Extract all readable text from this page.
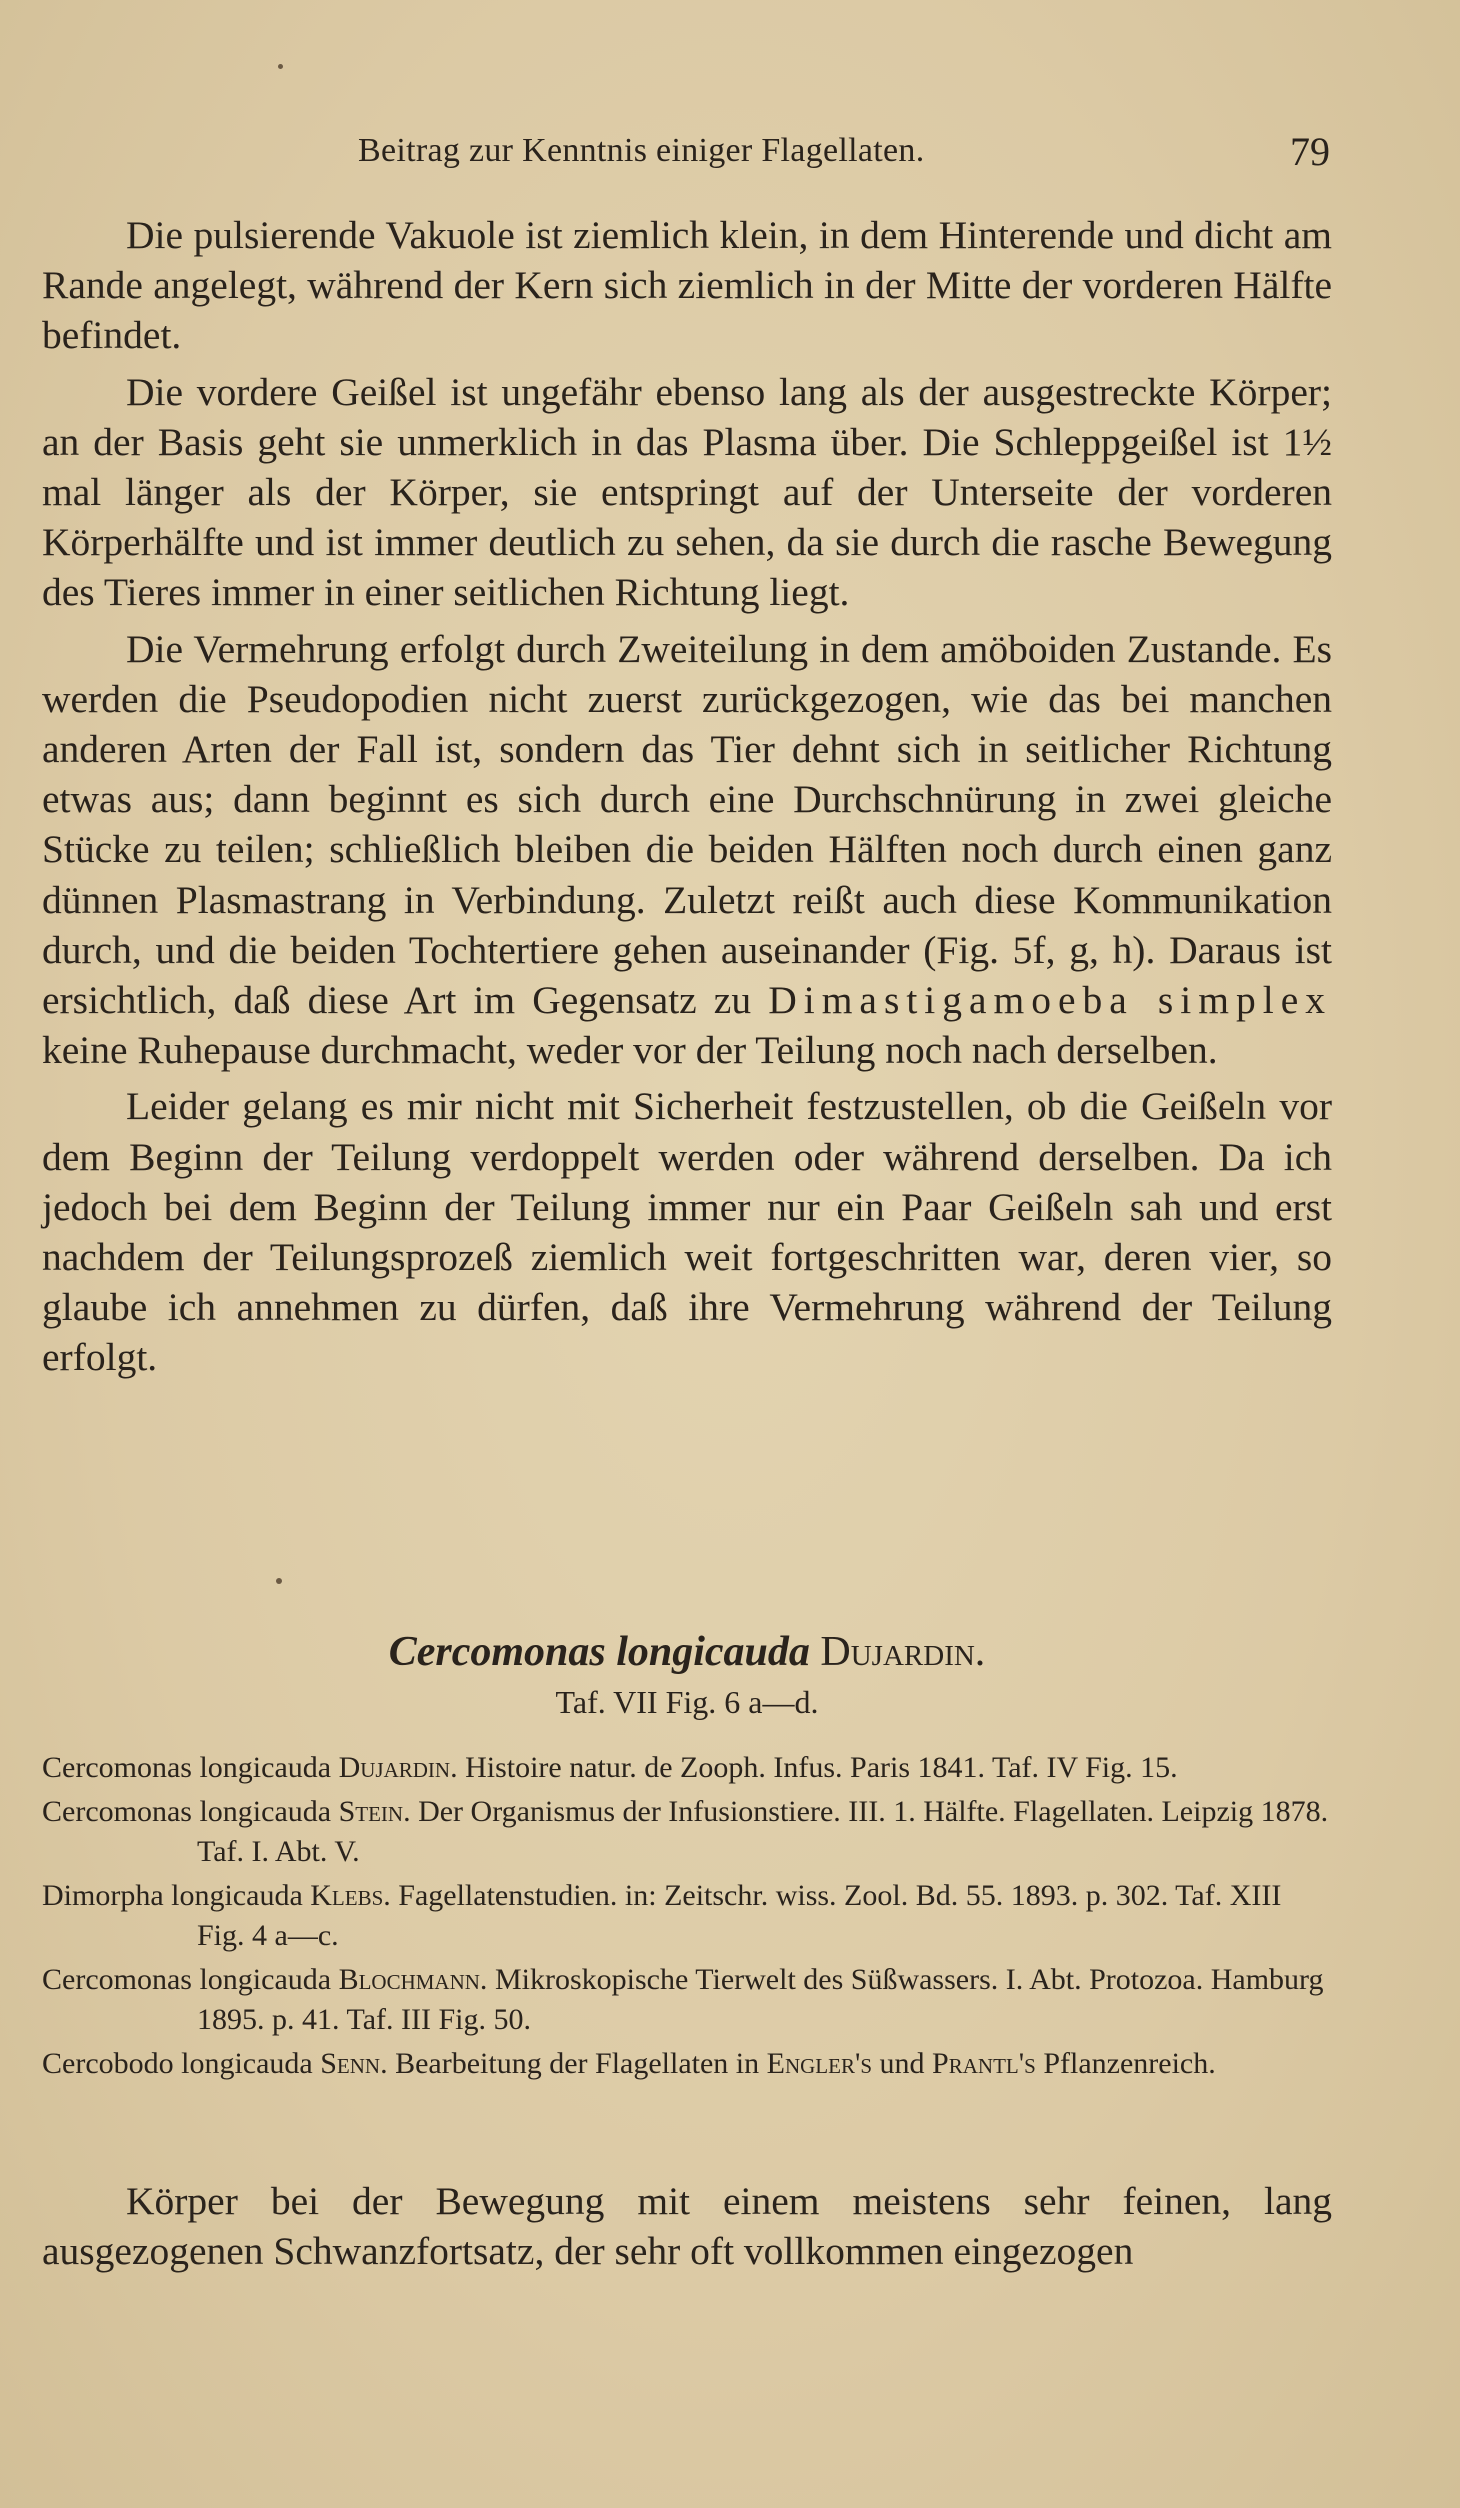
Beitrag zur Kenntnis einiger Flagellaten.	79

Die pulsierende Vakuole ist ziemlich klein, in dem Hinterende und dicht am Rande angelegt, während der Kern sich ziemlich in der Mitte der vorderen Hälfte befindet.

Die vordere Geißel ist ungefähr ebenso lang als der ausgestreckte Körper; an der Basis geht sie unmerklich in das Plasma über. Die Schleppgeißel ist 1½ mal länger als der Körper, sie entspringt auf der Unterseite der vorderen Körperhälfte und ist immer deutlich zu sehen, da sie durch die rasche Bewegung des Tieres immer in einer seitlichen Richtung liegt.

Die Vermehrung erfolgt durch Zweiteilung in dem amöboiden Zustande. Es werden die Pseudopodien nicht zuerst zurückgezogen, wie das bei manchen anderen Arten der Fall ist, sondern das Tier dehnt sich in seitlicher Richtung etwas aus; dann beginnt es sich durch eine Durchschnürung in zwei gleiche Stücke zu teilen; schließlich bleiben die beiden Hälften noch durch einen ganz dünnen Plasmastrang in Verbindung. Zuletzt reißt auch diese Kommunikation durch, und die beiden Tochtertiere gehen auseinander (Fig. 5f, g, h). Daraus ist ersichtlich, daß diese Art im Gegensatz zu Dimastigamoeba simplex keine Ruhepause durchmacht, weder vor der Teilung noch nach derselben.

Leider gelang es mir nicht mit Sicherheit festzustellen, ob die Geißeln vor dem Beginn der Teilung verdoppelt werden oder während derselben. Da ich jedoch bei dem Beginn der Teilung immer nur ein Paar Geißeln sah und erst nachdem der Teilungsprozeß ziemlich weit fortgeschritten war, deren vier, so glaube ich annehmen zu dürfen, daß ihre Vermehrung während der Teilung erfolgt.

Cercomonas longicauda Dujardin.
Taf. VII Fig. 6 a—d.

Cercomonas longicauda Dujardin. Histoire natur. de Zooph. Infus. Paris 1841. Taf. IV Fig. 15.

Cercomonas longicauda Stein. Der Organismus der Infusionstiere. III. 1. Hälfte. Flagellaten. Leipzig 1878. Taf. I. Abt. V.

Dimorpha longicauda Klebs. Fagellatenstudien. in: Zeitschr. wiss. Zool. Bd. 55. 1893. p. 302. Taf. XIII Fig. 4 a—c.

Cercomonas longicauda Blochmann. Mikroskopische Tierwelt des Süßwassers. I. Abt. Protozoa. Hamburg 1895. p. 41. Taf. III Fig. 50.

Cercobodo longicauda Senn. Bearbeitung der Flagellaten in Engler's und Prantl's Pflanzenreich.

Körper bei der Bewegung mit einem meistens sehr feinen, lang ausgezogenen Schwanzfortsatz, der sehr oft vollkommen eingezogen
